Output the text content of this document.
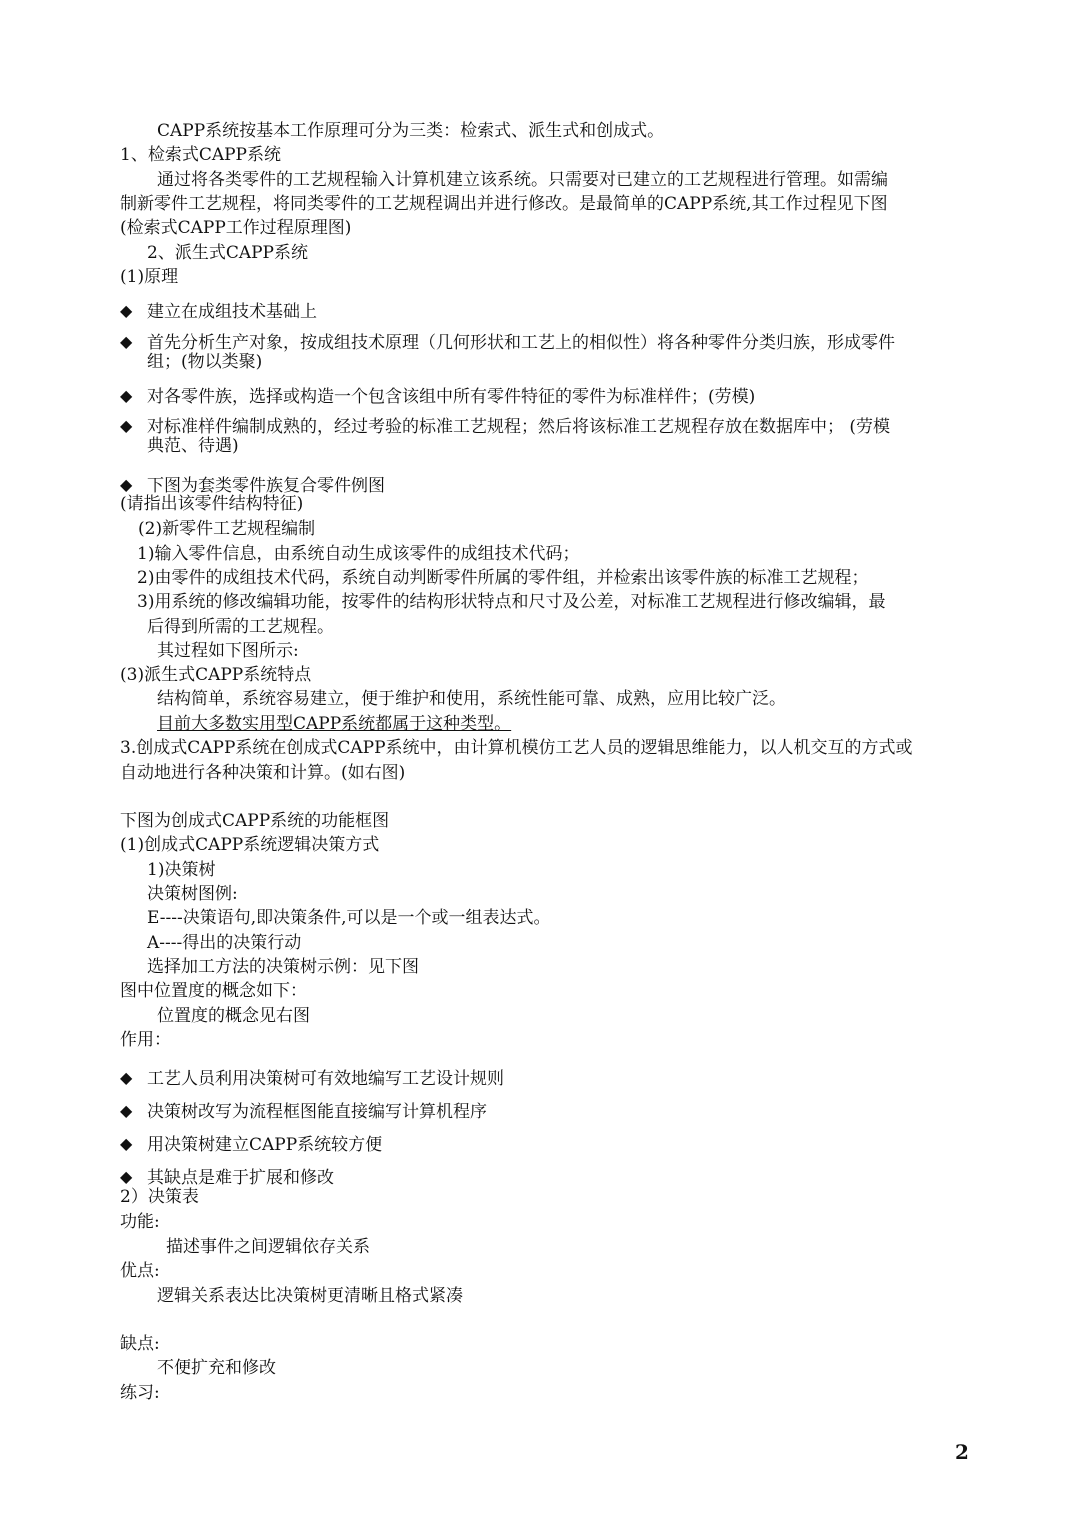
CAPP系统按基本工作原理可分为三类：检索式、派生式和创成式。
1、检索式CAPP系统
通过将各类零件的工艺规程输入计算机建立该系统。只需要对已建立的工艺规程进行管理。如需编
制新零件工艺规程，将同类零件的工艺规程调出并进行修改。是最简单的CAPP系统,其工作过程见下图
(检索式CAPP工作过程原理图)
2、派生式CAPP系统
(1)原理
◆ 建立在成组技术基础上
◆ 首先分析生产对象，按成组技术原理（几何形状和工艺上的相似性）将各种零件分类归族，形成零件
组；(物以类聚)
◆ 对各零件族，选择或构造一个包含该组中所有零件特征的零件为标准样件；(劳模)
◆ 对标准样件编制成熟的，经过考验的标准工艺规程；然后将该标准工艺规程存放在数据库中； (劳模
典范、待遇)
◆ 下图为套类零件族复合零件例图
(请指出该零件结构特征)
(2)新零件工艺规程编制
1)输入零件信息，由系统自动生成该零件的成组技术代码；
2)由零件的成组技术代码，系统自动判断零件所属的零件组，并检索出该零件族的标准工艺规程；
3)用系统的修改编辑功能，按零件的结构形状特点和尺寸及公差，对标准工艺规程进行修改编辑，最
后得到所需的工艺规程。
其过程如下图所示:
(3)派生式CAPP系统特点
结构简单，系统容易建立，便于维护和使用，系统性能可靠、成熟，应用比较广泛。
目前大多数实用型CAPP系统都属于这种类型。
3.创成式CAPP系统在创成式CAPP系统中，由计算机模仿工艺人员的逻辑思维能力，以人机交互的方式或
自动地进行各种决策和计算。(如右图)
下图为创成式CAPP系统的功能框图
(1)创成式CAPP系统逻辑决策方式
1)决策树
决策树图例:
E----决策语句,即决策条件,可以是一个或一组表达式。
A----得出的决策行动
选择加工方法的决策树示例：见下图
图中位置度的概念如下：
位置度的概念见右图
作用：
◆ 工艺人员利用决策树可有效地编写工艺设计规则
◆ 决策树改写为流程框图能直接编写计算机程序
◆ 用决策树建立CAPP系统较方便
◆ 其缺点是难于扩展和修改
2）决策表
功能:
描述事件之间逻辑依存关系
优点:
逻辑关系表达比决策树更清晰且格式紧凑
缺点:
不便扩充和修改
练习:
2
